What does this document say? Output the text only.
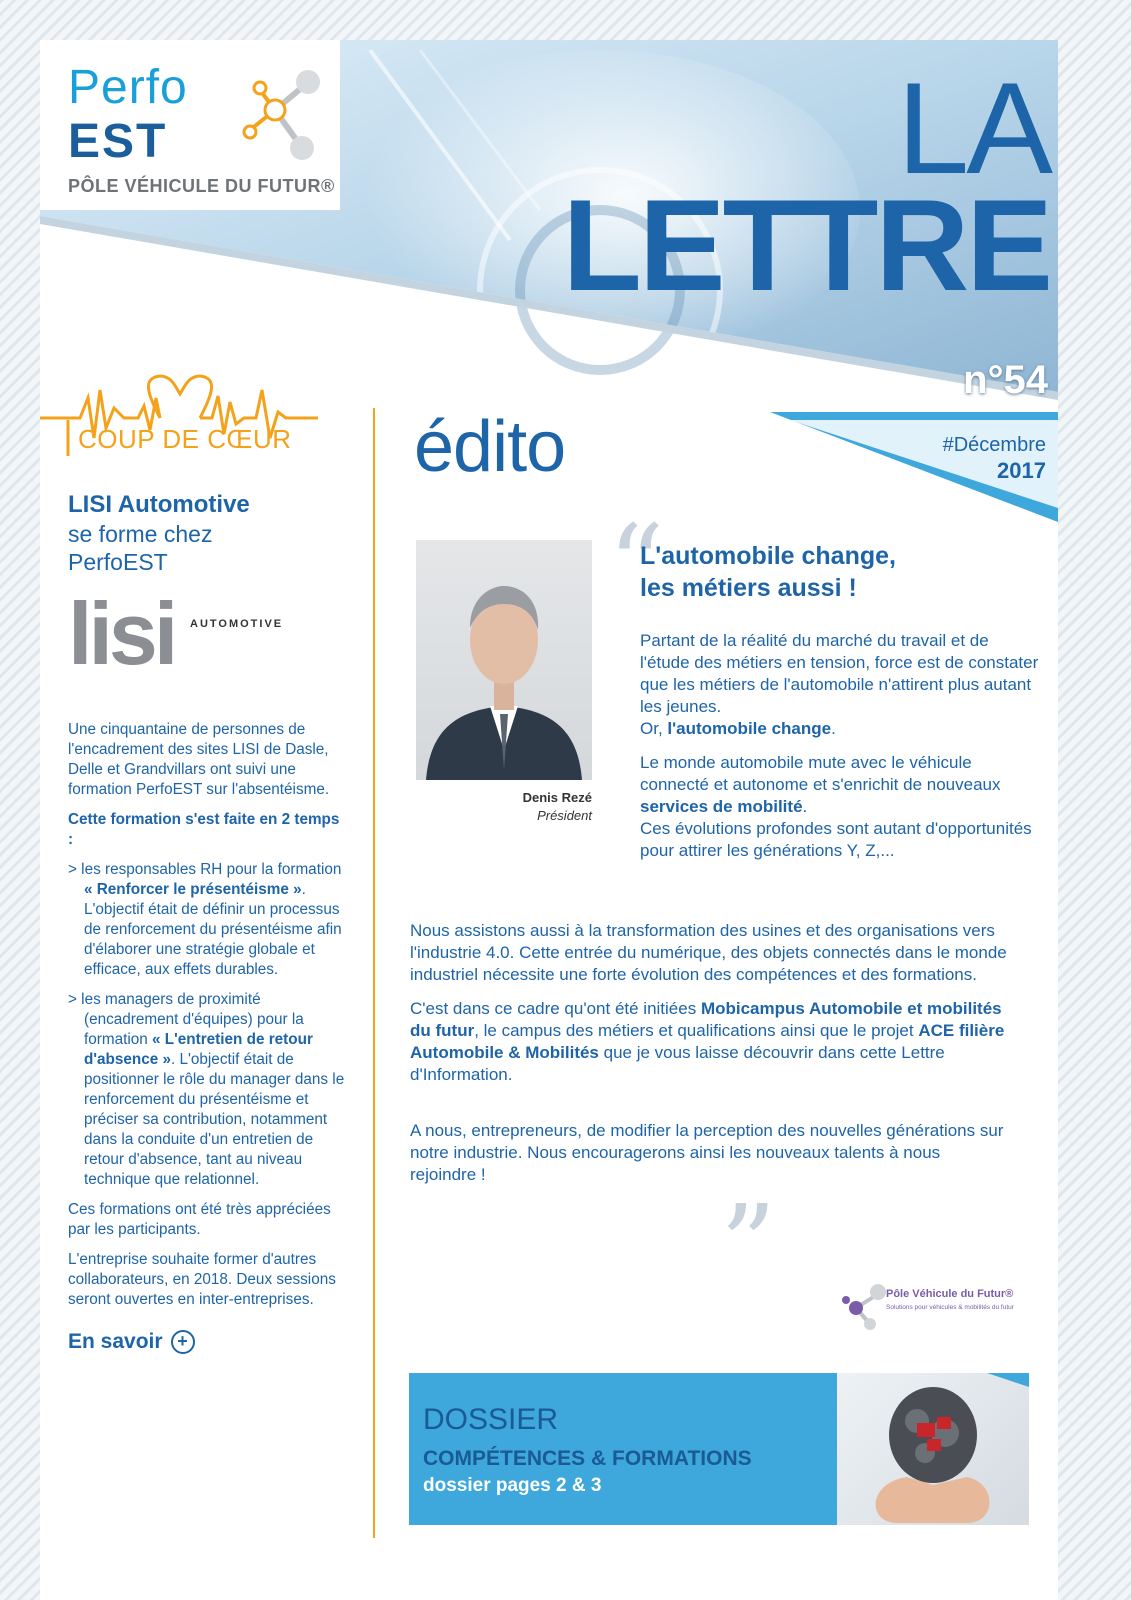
Perfo
EST
PÔLE VÉHICULE DU FUTUR®	LA
LETTRE
n°54
#Décembre
2017
COUP DE CŒUR
LISI Automotive
se forme chez
PerfoEST
lisi AUTOMOTIVE

Une cinquantaine de personnes de l'encadrement des sites LISI de Dasle, Delle et Grandvillars ont suivi une formation PerfoEST sur l'absentéisme.

Cette formation s'est faite en 2 temps :

> les responsables RH pour la formation « Renforcer le présentéisme ». L'objectif était de définir un processus de renforcement du présentéisme afin d'élaborer une stratégie globale et efficace, aux effets durables.

> les managers de proximité (encadrement d'équipes) pour la formation « L'entretien de retour d'absence ». L'objectif était de positionner le rôle du manager dans le renforcement du présentéisme et préciser sa contribution, notamment dans la conduite d'un entretien de retour d'absence, tant au niveau technique que relationnel.

Ces formations ont été très appréciées par les participants.

L'entreprise souhaite former d'autres collaborateurs, en 2018. Deux sessions seront ouvertes en inter-entreprises.

En savoir +
édito
Denis Rezé
Président
“
L'automobile change,
les métiers aussi !

Partant de la réalité du marché du travail et de l'étude des métiers en tension, force est de constater que les métiers de l'automobile n'attirent plus autant les jeunes.

Or, l'automobile change.

Le monde automobile mute avec le véhicule connecté et autonome et s'enrichit de nouveaux services de mobilité.
Ces évolutions profondes sont autant d'opportunités pour attirer les générations Y, Z,...

Nous assistons aussi à la transformation des usines et des organisations vers l'industrie 4.0. Cette entrée du numérique, des objets connectés dans le monde industriel nécessite une forte évolution des compétences et des formations.

C'est dans ce cadre qu'ont été initiées Mobicampus Automobile et mobilités du futur, le campus des métiers et qualifications ainsi que le projet ACE filière Automobile & Mobilités que je vous laisse découvrir dans cette Lettre d'Information.

A nous, entrepreneurs, de modifier la perception des nouvelles générations sur notre industrie. Nous encouragerons ainsi les nouveaux talents à nous rejoindre !

”	Pôle Véhicule du Futur®
Solutions pour véhicules & mobilités du futur
DOSSIER
COMPÉTENCES & FORMATIONS
dossier pages 2 & 3
